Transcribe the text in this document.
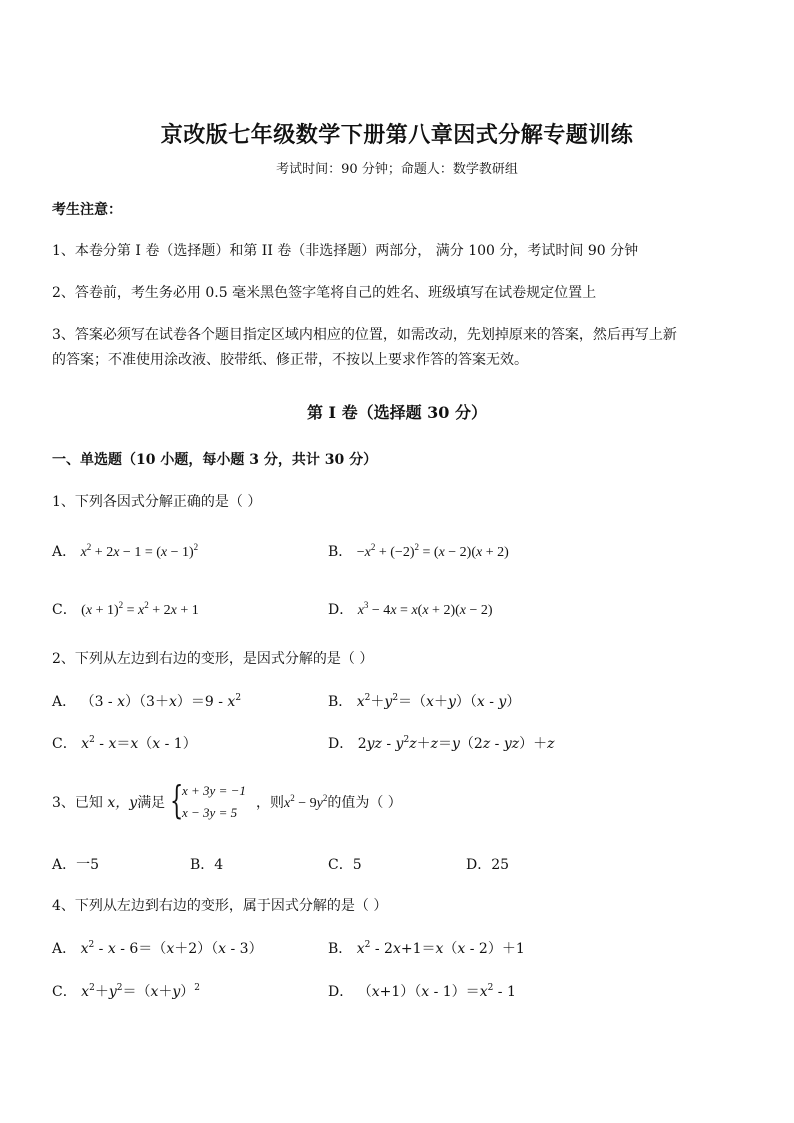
京改版七年级数学下册第八章因式分解专题训练
考试时间：90 分钟；命题人：数学教研组
考生注意：
1、本卷分第 I 卷（选择题）和第 II 卷（非选择题）两部分， 满分 100 分，考试时间 90 分钟
2、答卷前，考生务必用 0.5 毫米黑色签字笔将自己的姓名、班级填写在试卷规定位置上
3、答案必须写在试卷各个题目指定区域内相应的位置，如需改动，先划掉原来的答案，然后再写上新
的答案；不准使用涂改液、胶带纸、修正带，不按以上要求作答的答案无效。
第 I 卷（选择题 30 分）
一、单选题（10 小题，每小题 3 分，共计 30 分）
1、下列各因式分解正确的是（ ）
A． $x^2 + 2x - 1 = (x - 1)^2$	B． $-x^2 + (-2)^2 = (x - 2)(x + 2)$
C． $(x + 1)^2 = x^2 + 2x + 1$	D． $x^3 - 4x = x(x + 2)(x - 2)$
2、下列从左边到右边的变形，是因式分解的是（ ）
A． $(3 - x)(3+x)=9 - x^2$	B． $x^2+y^2=(x+y)(x - y)$
C． $x^2 - x=x(x - 1)$	D． $2yz - y^2z+z=y(2z - yz)+z$
3、已知 x，y满足 {
x + 3y = −1
x − 3y = 5
，则$x^2 - 9y^2$的值为（ ）
A．一5	B．4	C．5	D．25
4、下列从左边到右边的变形，属于因式分解的是（ ）
A． $x^2 - x - 6=(x+2)(x - 3)$	B． $x^2 - 2x+1=x(x - 2)+1$
C． $x^2+y^2=(x+y)^2$	D． $(x+1)(x - 1)=x^2 - 1$
